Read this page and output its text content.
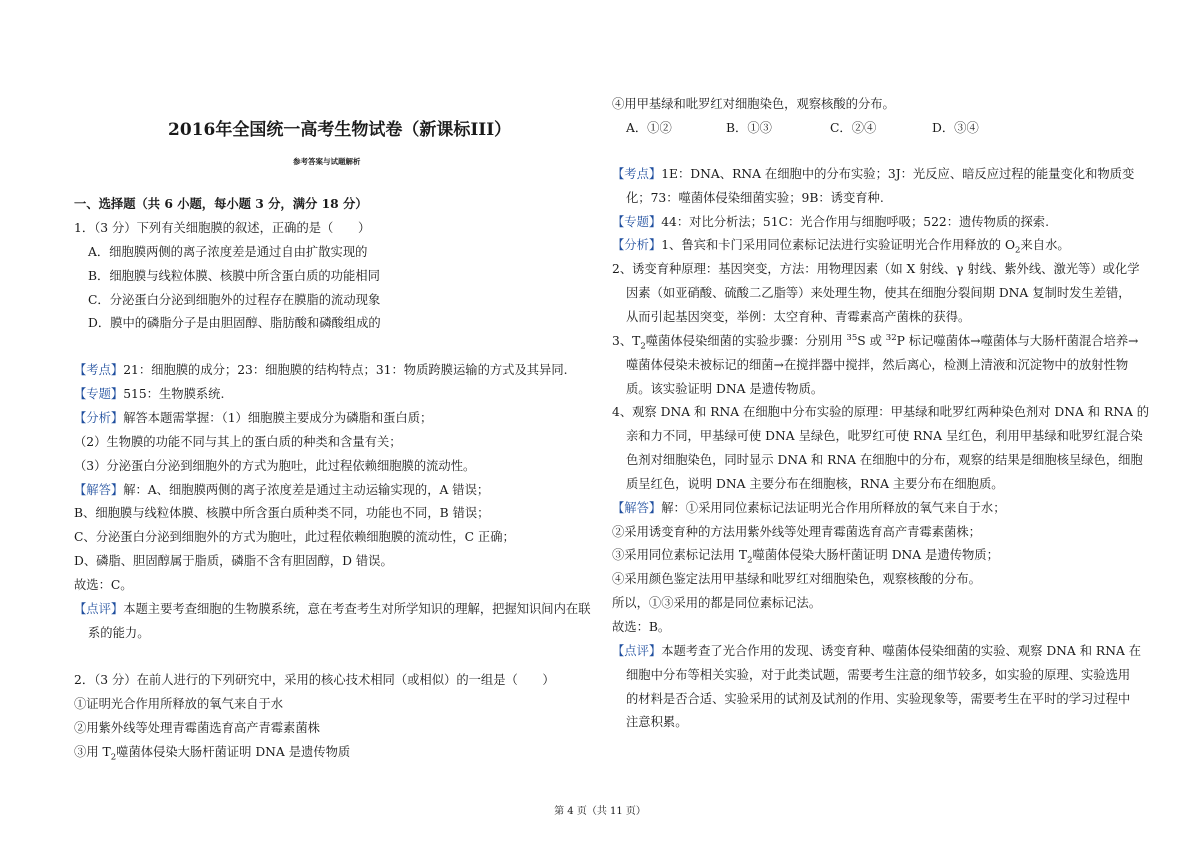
2016年全国统一高考生物试卷（新课标III）
参考答案与试题解析
一、选择题（共 6 小题，每小题 3 分，满分 18 分）
1．（3 分）下列有关细胞膜的叙述，正确的是（　　）
A．细胞膜两侧的离子浓度差是通过自由扩散实现的
B．细胞膜与线粒体膜、核膜中所含蛋白质的功能相同
C．分泌蛋白分泌到细胞外的过程存在膜脂的流动现象
D．膜中的磷脂分子是由胆固醇、脂肪酸和磷酸组成的
【考点】21：细胞膜的成分；23：细胞膜的结构特点；31：物质跨膜运输的方式及其异同.
【专题】515：生物膜系统.
【分析】解答本题需掌握：（1）细胞膜主要成分为磷脂和蛋白质；
（2）生物膜的功能不同与其上的蛋白质的种类和含量有关；
（3）分泌蛋白分泌到细胞外的方式为胞吐，此过程依赖细胞膜的流动性。
【解答】解：A、细胞膜两侧的离子浓度差是通过主动运输实现的，A 错误；
B、细胞膜与线粒体膜、核膜中所含蛋白质种类不同，功能也不同，B 错误；
C、分泌蛋白分泌到细胞外的方式为胞吐，此过程依赖细胞膜的流动性，C 正确；
D、磷脂、胆固醇属于脂质，磷脂不含有胆固醇，D 错误。
故选：C。
【点评】本题主要考查细胞的生物膜系统，意在考查考生对所学知识的理解，把握知识间内在联
系的能力。
2．（3 分）在前人进行的下列研究中，采用的核心技术相同（或相似）的一组是（　　）
①证明光合作用所释放的氧气来自于水
②用紫外线等处理青霉菌选育高产青霉素菌株
③用 $T_2$噬菌体侵染大肠杆菌证明 DNA 是遗传物质
④用甲基绿和吡罗红对细胞染色，观察核酸的分布。
A．①②	B．①③	C．②④	D．③④
【考点】1E：DNA、RNA 在细胞中的分布实验；3J：光反应、暗反应过程的能量变化和物质变
化；73：噬菌体侵染细菌实验；9B：诱变育种.
【专题】44：对比分析法；51C：光合作用与细胞呼吸；522：遗传物质的探索.
【分析】1、鲁宾和卡门采用同位素标记法进行实验证明光合作用释放的 $O_2$来自水。
2、诱变育种原理：基因突变，方法：用物理因素（如 X 射线、γ 射线、紫外线、激光等）或化学
因素（如亚硝酸、硫酸二乙脂等）来处理生物，使其在细胞分裂间期 DNA 复制时发生差错，
从而引起基因突变，举例：太空育种、青霉素高产菌株的获得。
3、$T_2$噬菌体侵染细菌的实验步骤：分别用 $^{35}$S 或 $^{32}$P 标记噬菌体→噬菌体与大肠杆菌混合培养→
噬菌体侵染未被标记的细菌→在搅拌器中搅拌，然后离心，检测上清液和沉淀物中的放射性物
质。该实验证明 DNA 是遗传物质。
4、观察 DNA 和 RNA 在细胞中分布实验的原理：甲基绿和吡罗红两种染色剂对 DNA 和 RNA 的
亲和力不同，甲基绿可使 DNA 呈绿色，吡罗红可使 RNA 呈红色，利用甲基绿和吡罗红混合染
色剂对细胞染色，同时显示 DNA 和 RNA 在细胞中的分布，观察的结果是细胞核呈绿色，细胞
质呈红色，说明 DNA 主要分布在细胞核，RNA 主要分布在细胞质。
【解答】解：①采用同位素标记法证明光合作用所释放的氧气来自于水；
②采用诱变育种的方法用紫外线等处理青霉菌选育高产青霉素菌株；
③采用同位素标记法用 $T_2$噬菌体侵染大肠杆菌证明 DNA 是遗传物质；
④采用颜色鉴定法用甲基绿和吡罗红对细胞染色，观察核酸的分布。
所以，①③采用的都是同位素标记法。
故选：B。
【点评】本题考查了光合作用的发现、诱变育种、噬菌体侵染细菌的实验、观察 DNA 和 RNA 在
细胞中分布等相关实验，对于此类试题，需要考生注意的细节较多，如实验的原理、实验选用
的材料是否合适、实验采用的试剂及试剂的作用、实验现象等，需要考生在平时的学习过程中
注意积累。
第 4 页（共 11 页）
